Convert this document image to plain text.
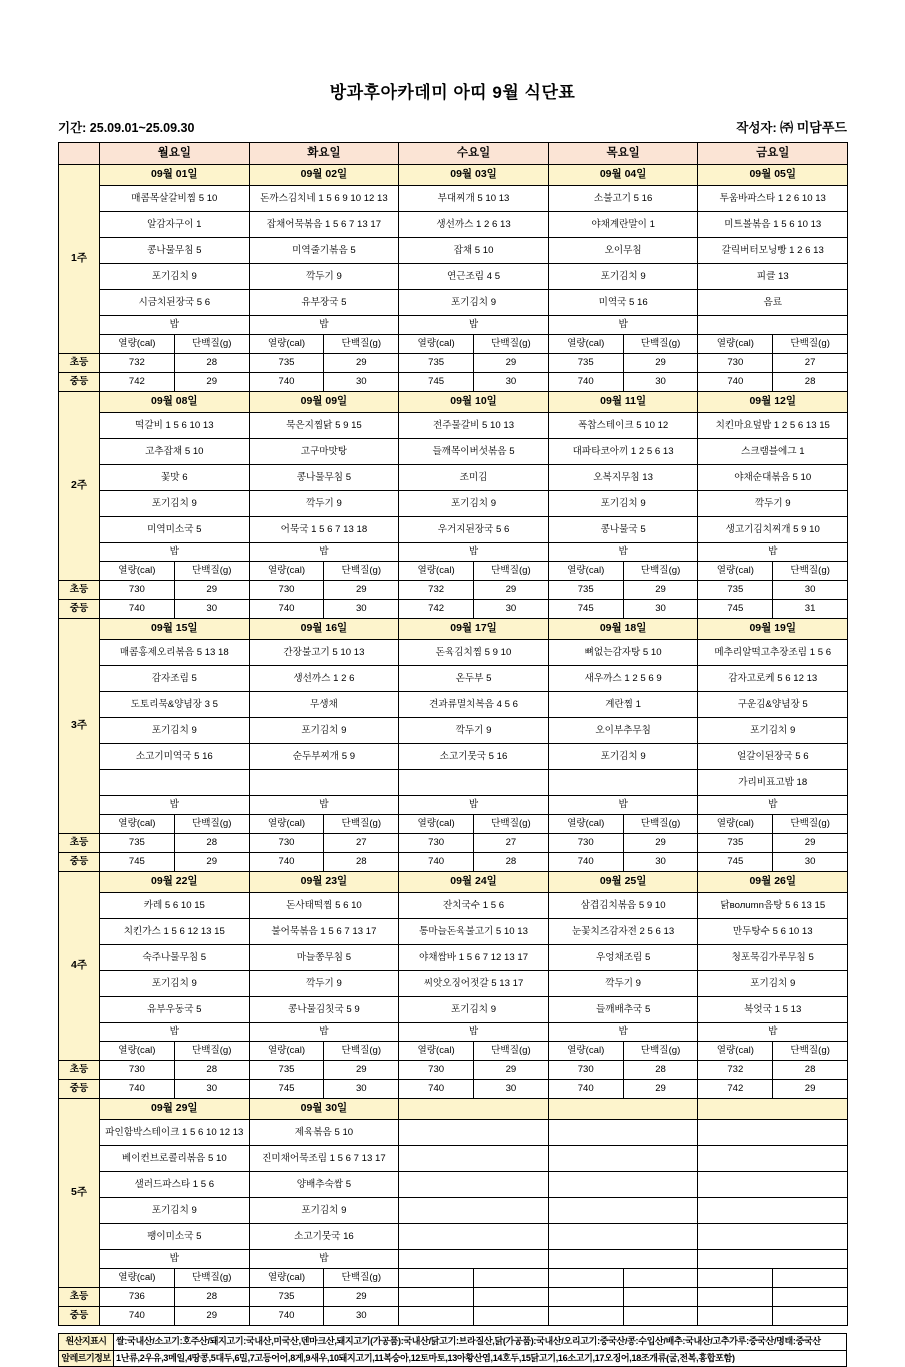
방과후아카데미 아띠 9월 식단표
기간: 25.09.01~25.09.30	작성자: ㈜ 미담푸드
	월요일		화요일		수요일		목요일		금요일	
1주	09월 01일		09월 02일		09월 03일		09월 04일		09월 05일	
	매콤목살갈비찜 5 10		돈까스김치네 1 5 6 9 10 12 13		부대찌개 5 10 13		소불고기 5 16		투움바파스타 1 2 6 10 13	
	알감자구이 1		잡채어묵볶음 1 5 6 7 13 17		생선까스 1 2 6 13		야채계란말이 1		미트볼볶음 1 5 6 10 13	
	콩나물무침 5		미역줄기볶음 5		잡채 5 10		오이무침		갈릭버터모닝빵 1 2 6 13	
	포기김치 9		깍두기 9		연근조림 4 5		포기김치 9		피클 13	
	시금치된장국 5 6		유부장국 5		포기김치 9		미역국 5 16		음료	
	밥		밥		밥		밥			
	열량(cal)	단백질(g)	열량(cal)	단백질(g)	열량(cal)	단백질(g)	열량(cal)	단백질(g)	열량(cal)	단백질(g)
초등	732	28	735	29	735	29	735	29	730	27
중등	742	29	740	30	745	30	740	30	740	28
2주	09월 08일		09월 09일		09월 10일		09월 11일		09월 12일	
	떡갈비 1 5 6 10 13		묵은지찜닭 5 9 15		전주물갈비 5 10 13		폭찹스테이크 5 10 12		치킨마요덮밥 1 2 5 6 13 15	
	고추잡채 5 10		고구마맛탕		들깨목이버섯볶음 5		대파타코아끼 1 2 5 6 13		스크램블에그 1	
	꽃맛 6		콩나물무침 5		조미김		오복지무침 13		야채순대볶음 5 10	
	포기김치 9		깍두기 9		포기김치 9		포기김치 9		깍두기 9	
	미역미소국 5		어묵국 1 5 6 7 13 18		우거지된장국 5 6		콩나물국 5		생고기김치찌개 5 9 10	
	밥		밥		밥		밥		밥	
	열량(cal)	단백질(g)	열량(cal)	단백질(g)	열량(cal)	단백질(g)	열량(cal)	단백질(g)	열량(cal)	단백질(g)
초등	730	29	730	29	732	29	735	29	735	30
중등	740	30	740	30	742	30	745	30	745	31
3주	09월 15일		09월 16일		09월 17일		09월 18일		09월 19일	
	매콤홍제오리볶음 5 13 18		간장불고기 5 10 13		돈육김치찜 5 9 10		뼈없는감자탕 5 10		메추리알떡고추장조림 1 5 6	
	감자조림 5		생선까스 1 2 6		온두부 5		새우까스 1 2 5 6 9		감자고로케 5 6 12 13	
	도토리묵&양념장 3 5		무생채		견과류멸치복음 4 5 6		계란찜 1		구운김&양념장 5	
	포기김치 9		포기김치 9		깍두기 9		오이부추무침		포기김치 9	
	소고기미역국 5 16		순두부찌개 5 9		소고기뭇국 5 16		포기김치 9		얼갈이된장국 5 6	
									가리비표고밥 18	
	밥		밥		밥		밥		밥	
	열량(cal)	단백질(g)	열량(cal)	단백질(g)	열량(cal)	단백질(g)	열량(cal)	단백질(g)	열량(cal)	단백질(g)
초등	735	28	730	27	730	27	730	29	735	29
중등	745	29	740	28	740	28	740	30	745	30
4주	09월 22일		09월 23일		09월 24일		09월 25일		09월 26일	
	카레 5 6 10 15		돈사태떡찜 5 6 10		잔치국수 1 5 6		삼겹김치볶음 5 9 10		닭волumn음탕 5 6 13 15	
	치킨가스 1 5 6 12 13 15		불어묵볶음 1 5 6 7 13 17		통마늘돈육불고기 5 10 13		눈꽃치즈감자전 2 5 6 13		만두탕수 5 6 10 13	
	숙주나물무침 5		마늘쫑무침 5		야채쌈바 1 5 6 7 12 13 17		우엉채조림 5		청포묵김가루무침 5	
	포기김치 9		깍두기 9		씨앗오징어젓갈 5 13 17		깍두기 9		포기김치 9	
	유부우동국 5		콩나물김칫국 5 9		포기김치 9		들깨배추국 5		북엇국 1 5 13	
	밥		밥		밥		밥		밥	
	열량(cal)	단백질(g)	열량(cal)	단백질(g)	열량(cal)	단백질(g)	열량(cal)	단백질(g)	열량(cal)	단백질(g)
초등	730	28	735	29	730	29	730	28	732	28
중등	740	30	745	30	740	30	740	29	742	29
5주	09월 29일		09월 30일							
	파인함박스테이크 1 5 6 10 12 13		제육볶음 5 10							
	베이컨브로콜리볶음 5 10		진미채어묵조림 1 5 6 7 13 17							
	샐러드파스타 1 5 6		양배추숙쌈 5							
	포기김치 9		포기김치 9							
	팽이미소국 5		소고기뭇국 16							
	밥		밥							
	열량(cal)	단백질(g)	열량(cal)	단백질(g)						
초등	736	28	735	29						
중등	740	29	740	30						
원산지표시	쌀:국내산/소고기:호주산/돼지고기:국내산,미국산,덴마크산,돼지고기(가공품):국내산/닭고기:브라질산,닭(가공품):국내산/오리고기:중국산/콩:수입산/배추:국내산/고추가루:중국산/명태:중국산
알레르기정보	1난류,2우유,3메일,4땅콩,5대두,6밀,7고등어어,8게,9새우,10돼지고기,11복숭아,12토마토,13아황산염,14호두,15닭고기,16소고기,17오징어,18조개류(굴,전복,홍합포함)
